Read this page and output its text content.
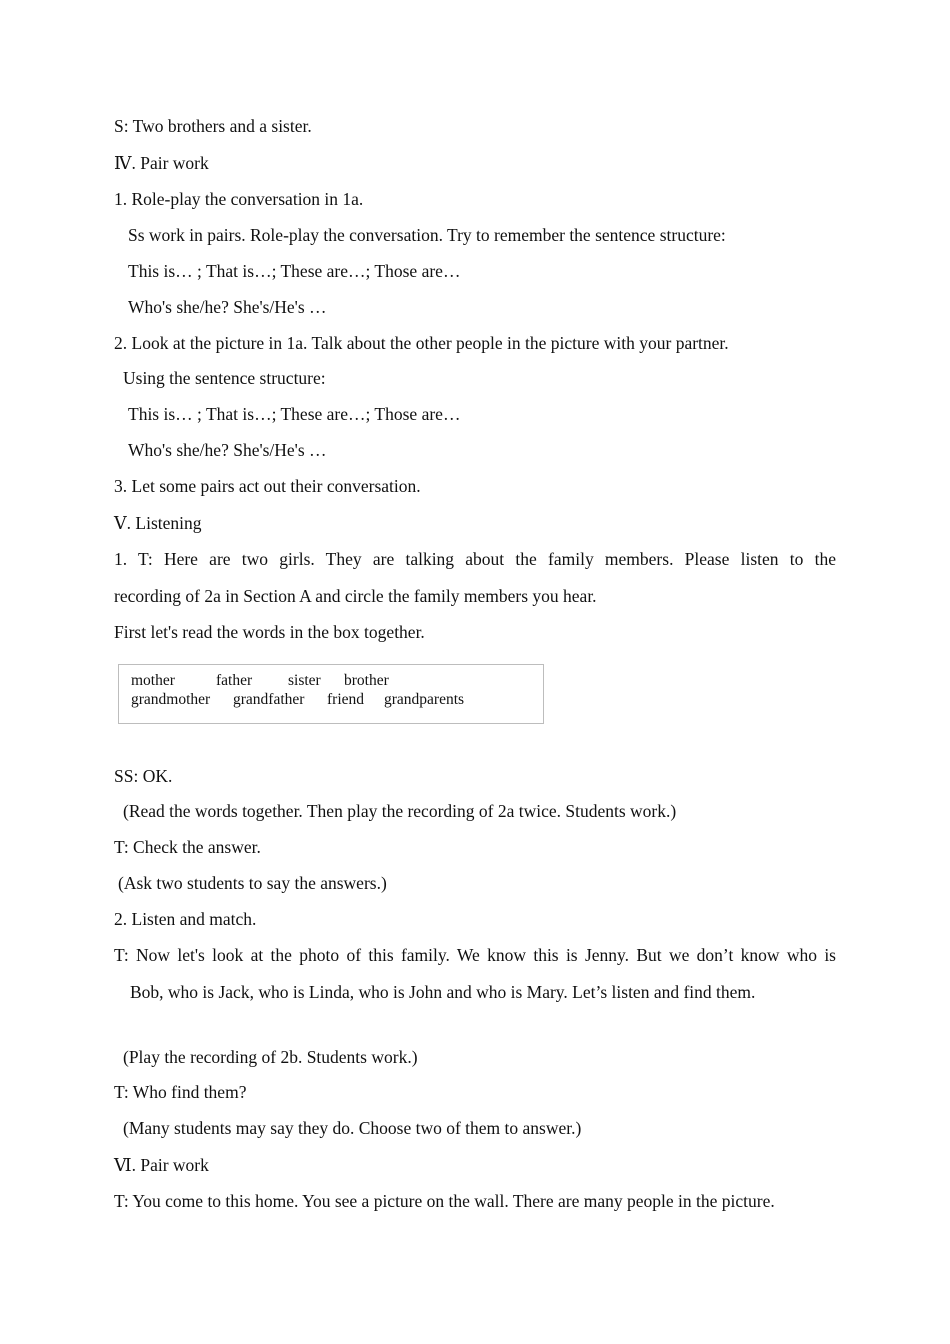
S: Two brothers and a sister.
Ⅳ. Pair work
1. Role-play the conversation in 1a.
Ss work in pairs. Role-play the conversation. Try to remember the sentence structure:
This is… ; That is…; These are…; Those are…
Who's she/he? She's/He's …
2. Look at the picture in 1a. Talk about the other people in the picture with your partner.
Using the sentence structure:
This is… ; That is…; These are…; Those are…
Who's she/he? She's/He's …
3. Let some pairs act out their conversation.
Ⅴ. Listening
1. T: Here are two girls. They are talking about the family members. Please listen to the
recording of 2a in Section A and circle the family members you hear.
First let's read the words in the box together.
mother	father sister brother
grandmother grandfather friend grandparents
SS: OK.
(Read the words together. Then play the recording of 2a twice. Students work.)
T: Check the answer.
(Ask two students to say the answers.)
2. Listen and match.
T: Now let's look at the photo of this family. We know this is Jenny. But we don’t know who is
Bob, who is Jack, who is Linda, who is John and who is Mary. Let’s listen and find them.
(Play the recording of 2b. Students work.)
T: Who find them?
(Many students may say they do. Choose two of them to answer.)
Ⅵ. Pair work
T: You come to this home. You see a picture on the wall. There are many people in the picture.
